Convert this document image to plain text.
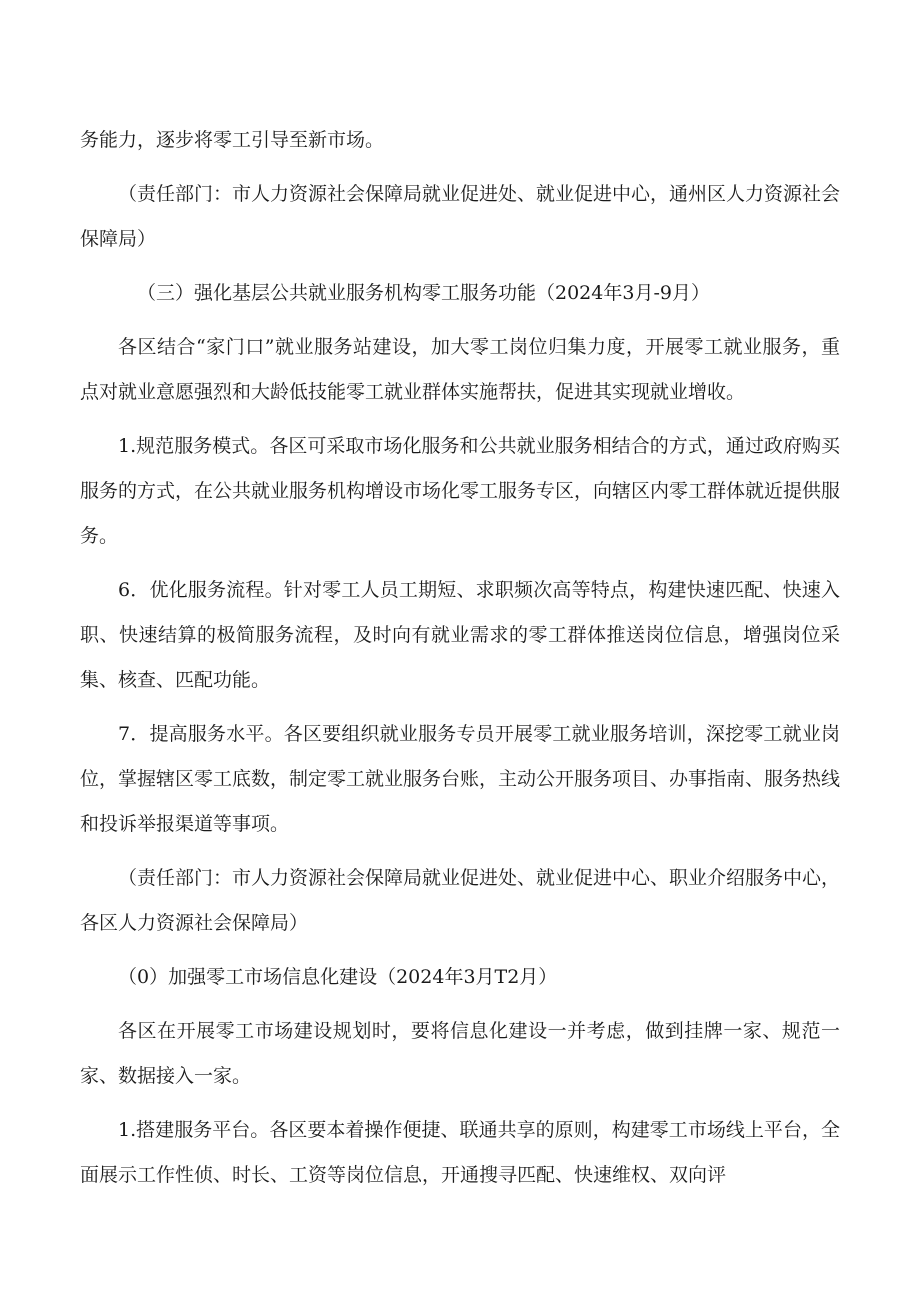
务能力，逐步将零工引导至新市场。

（责任部门：市人力资源社会保障局就业促进处、就业促进中心，通州区人力资源社会保障局）

（三）强化基层公共就业服务机构零工服务功能（2024年3月-9月）

各区结合“家门口”就业服务站建设，加大零工岗位归集力度，开展零工就业服务，重点对就业意愿强烈和大龄低技能零工就业群体实施帮扶，促进其实现就业增收。

1.规范服务模式。各区可采取市场化服务和公共就业服务相结合的方式，通过政府购买服务的方式，在公共就业服务机构增设市场化零工服务专区，向辖区内零工群体就近提供服务。

6．优化服务流程。针对零工人员工期短、求职频次高等特点，构建快速匹配、快速入职、快速结算的极简服务流程，及时向有就业需求的零工群体推送岗位信息，增强岗位采集、核查、匹配功能。

7．提高服务水平。各区要组织就业服务专员开展零工就业服务培训，深挖零工就业岗位，掌握辖区零工底数，制定零工就业服务台账，主动公开服务项目、办事指南、服务热线和投诉举报渠道等事项。

（责任部门：市人力资源社会保障局就业促进处、就业促进中心、职业介绍服务中心，各区人力资源社会保障局）

（0）加强零工市场信息化建设（2024年3月T2月）

各区在开展零工市场建设规划时，要将信息化建设一并考虑，做到挂牌一家、规范一家、数据接入一家。

1.搭建服务平台。各区要本着操作便捷、联通共享的原则，构建零工市场线上平台，全面展示工作性侦、时长、工资等岗位信息，开通搜寻匹配、快速维权、双向评
